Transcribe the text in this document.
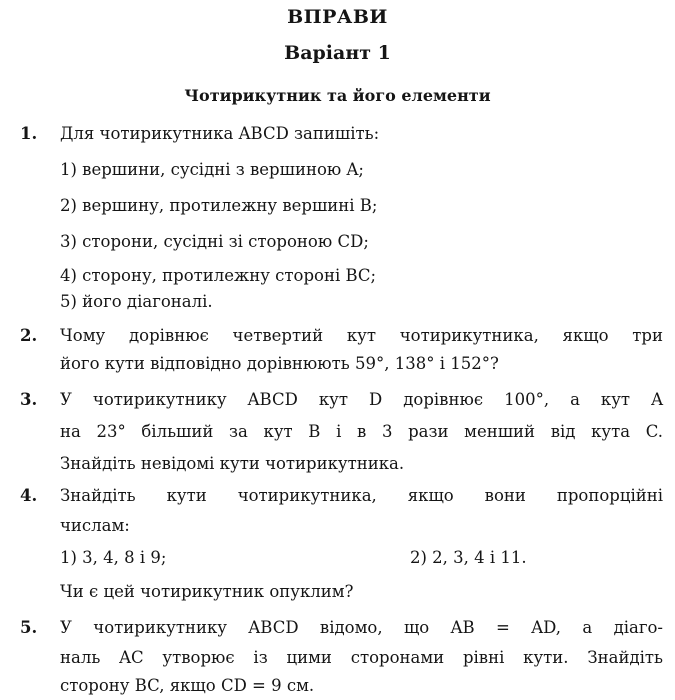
ВПРАВИ
Варіант 1
Чотирикутник та його елементи
1. Для чотирикутника ABCD запишіть:
1) вершини, сусідні з вершиною A;
2) вершину, протилежну вершині B;
3) сторони, сусідні зі стороною CD;
4) сторону, протилежну стороні BC;
5) його діагоналі.
2. Чому дорівнює четвертий кут чотирикутника, якщо три
його кути відповідно дорівнюють 59°, 138° і 152°?
3. У чотирикутнику ABCD кут D дорівнює 100°, а кут A
на 23° більший за кут B і в 3 рази менший від кута C.
Знайдіть невідомі кути чотирикутника.
4. Знайдіть кути чотирикутника, якщо вони пропорційні
числам:
1) 3, 4, 8 і 9;	2) 2, 3, 4 і 11.
Чи є цей чотирикутник опуклим?
5. У чотирикутнику ABCD відомо, що AB = AD, а діаго-
наль AC утворює із цими сторонами рівні кути. Знайдіть
сторону BC, якщо CD = 9 см.
